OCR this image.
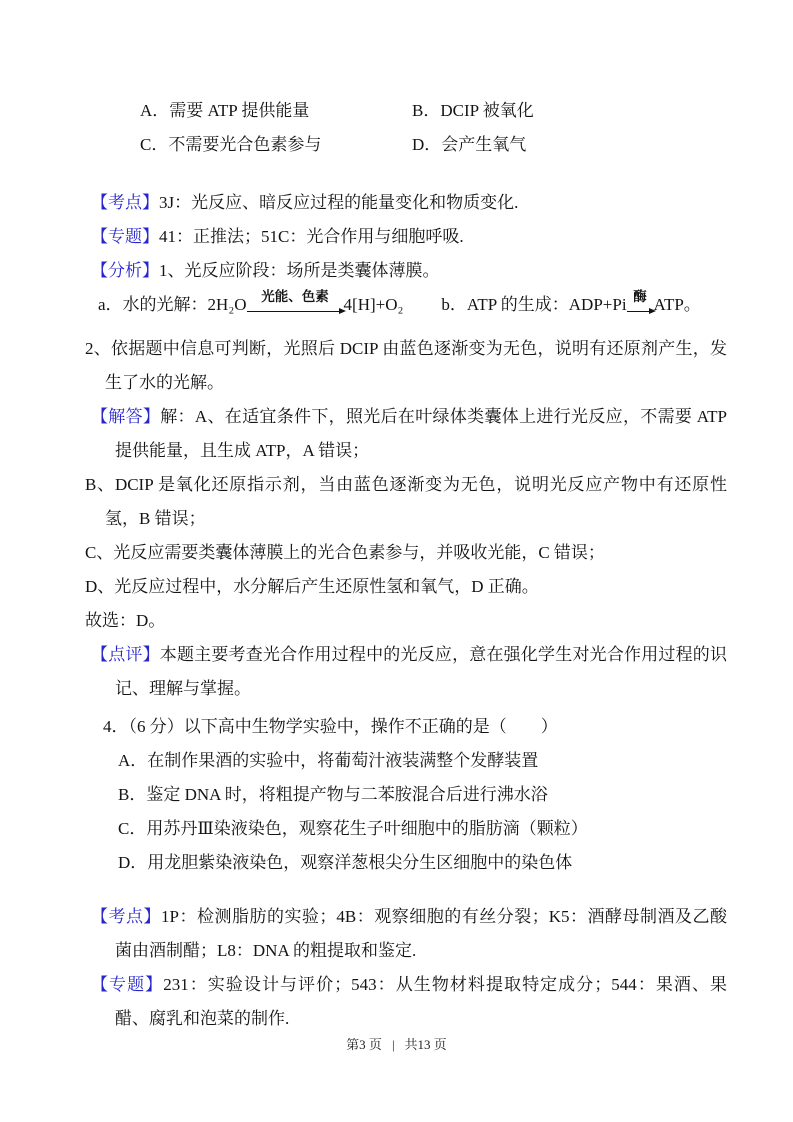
A．需要 ATP 提供能量	B．DCIP 被氧化
C．不需要光合色素参与	D．会产生氧气

【考点】3J：光反应、暗反应过程的能量变化和物质变化.

【专题】41：正推法；51C：光合作用与细胞呼吸.

【分析】1、光反应阶段：场所是类囊体薄膜。

a．水的光解：2H₂O 光能、色素 4[H]+O₂ b．ATP 的生成：ADP+Pi 酶 ATP。

2、依据题中信息可判断，光照后 DCIP 由蓝色逐渐变为无色，说明有还原剂产生，发生了水的光解。

【解答】解：A、在适宜条件下，照光后在叶绿体类囊体上进行光反应，不需要 ATP 提供能量，且生成 ATP，A 错误；

B、DCIP 是氧化还原指示剂，当由蓝色逐渐变为无色，说明光反应产物中有还原性氢，B 错误；

C、光反应需要类囊体薄膜上的光合色素参与，并吸收光能，C 错误；

D、光反应过程中，水分解后产生还原性氢和氧气，D 正确。

故选：D。

【点评】本题主要考查光合作用过程中的光反应，意在强化学生对光合作用过程的识记、理解与掌握。

4．（6 分）以下高中生物学实验中，操作不正确的是（　　）

A．在制作果酒的实验中，将葡萄汁液装满整个发酵装置

B．鉴定 DNA 时，将粗提产物与二苯胺混合后进行沸水浴

C．用苏丹Ⅲ染液染色，观察花生子叶细胞中的脂肪滴（颗粒）

D．用龙胆紫染液染色，观察洋葱根尖分生区细胞中的染色体

【考点】1P：检测脂肪的实验；4B：观察细胞的有丝分裂；K5：酒酵母制酒及乙酸菌由酒制醋；L8：DNA 的粗提取和鉴定.

【专题】231：实验设计与评价；543：从生物材料提取特定成分；544：果酒、果醋、腐乳和泡菜的制作.

第3 页 | 共13 页
